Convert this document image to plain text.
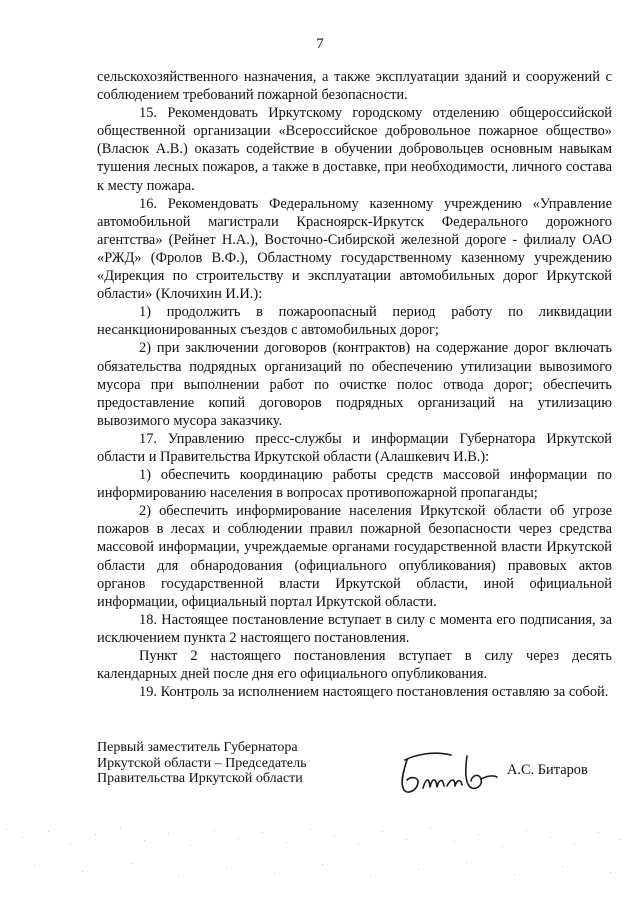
7

сельскохозяйственного назначения, а также эксплуатации зданий и сооружений с соблюдением требований пожарной безопасности.

15. Рекомендовать Иркутскому городскому отделению общероссийской общественной организации «Всероссийское добровольное пожарное общество» (Власюк А.В.) оказать содействие в обучении добровольцев основным навыкам тушения лесных пожаров, а также в доставке, при необходимости, личного состава к месту пожара.

16. Рекомендовать Федеральному казенному учреждению «Управление автомобильной магистрали Красноярск-Иркутск Федерального дорожного агентства» (Рейнет Н.А.), Восточно-Сибирской железной дороге - филиалу ОАО «РЖД» (Фролов В.Ф.), Областному государственному казенному учреждению «Дирекция по строительству и эксплуатации автомобильных дорог Иркутской области» (Клочихин И.И.):

1) продолжить в пожароопасный период работу по ликвидации несанкционированных съездов с автомобильных дорог;

2) при заключении договоров (контрактов) на содержание дорог включать обязательства подрядных организаций по обеспечению утилизации вывозимого мусора при выполнении работ по очистке полос отвода дорог; обеспечить предоставление копий договоров подрядных организаций на утилизацию вывозимого мусора заказчику.

17. Управлению пресс-службы и информации Губернатора Иркутской области и Правительства Иркутской области (Алашкевич И.В.):

1) обеспечить координацию работы средств массовой информации по информированию населения в вопросах противопожарной пропаганды;

2) обеспечить информирование населения Иркутской области об угрозе пожаров в лесах и соблюдении правил пожарной безопасности через средства массовой информации, учреждаемые органами государственной власти Иркутской области для обнародования (официального опубликования) правовых актов органов государственной власти Иркутской области, иной официальной информации, официальный портал Иркутской области.

18. Настоящее постановление вступает в силу с момента его подписания, за исключением пункта 2 настоящего постановления.

Пункт 2 настоящего постановления вступает в силу через десять календарных дней после дня его официального опубликования.

19. Контроль за исполнением настоящего постановления оставляю за собой.

Первый заместитель Губернатора
Иркутской области – Председатель
Правительства Иркутской области
А.С. Битаров
